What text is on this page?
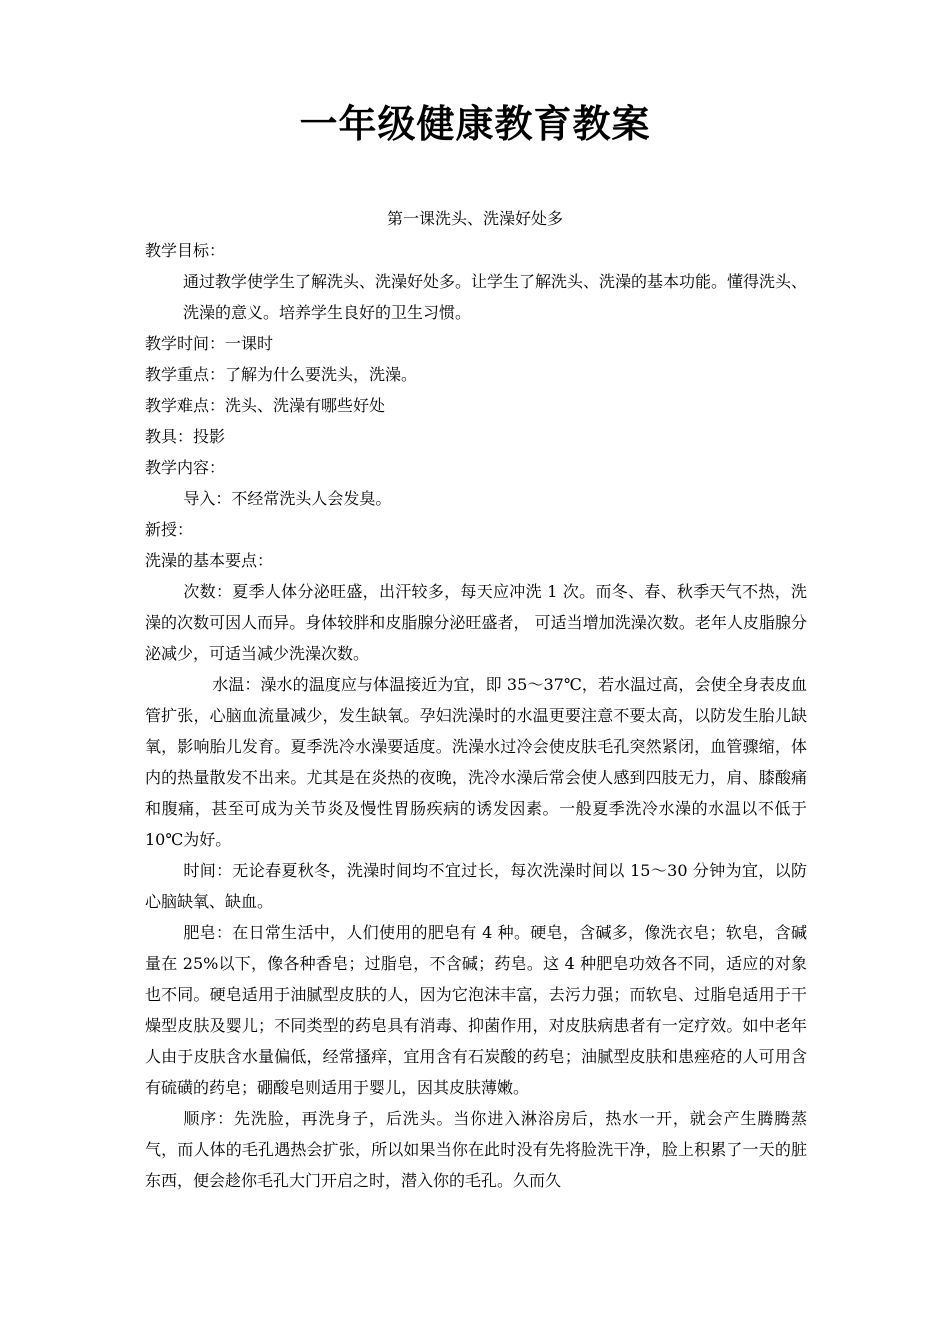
一年级健康教育教案

第一课洗头、洗澡好处多

教学目标：

通过教学使学生了解洗头、洗澡好处多。让学生了解洗头、洗澡的基本功能。懂得洗头、洗澡的意义。培养学生良好的卫生习惯。

教学时间：一课时

教学重点：了解为什么要洗头，洗澡。

教学难点：洗头、洗澡有哪些好处

教具：投影

教学内容：

导入：不经常洗头人会发臭。

新授：

洗澡的基本要点：

次数：夏季人体分泌旺盛，出汗较多，每天应冲洗 1 次。而冬、春、秋季天气不热，洗澡的次数可因人而异。身体较胖和皮脂腺分泌旺盛者， 可适当增加洗澡次数。老年人皮脂腺分泌减少，可适当减少洗澡次数。

水温：澡水的温度应与体温接近为宜，即 35～37℃，若水温过高，会使全身表皮血管扩张，心脑血流量减少，发生缺氧。孕妇洗澡时的水温更要注意不要太高，以防发生胎儿缺氧，影响胎儿发育。夏季洗冷水澡要适度。洗澡水过冷会使皮肤毛孔突然紧闭，血管骤缩，体内的热量散发不出来。尤其是在炎热的夜晚，洗冷水澡后常会使人感到四肢无力，肩、膝酸痛和腹痛，甚至可成为关节炎及慢性胃肠疾病的诱发因素。一般夏季洗冷水澡的水温以不低于 10℃为好。

时间：无论春夏秋冬，洗澡时间均不宜过长，每次洗澡时间以 15～30 分钟为宜，以防心脑缺氧、缺血。

肥皂：在日常生活中，人们使用的肥皂有 4 种。硬皂，含碱多，像洗衣皂；软皂，含碱量在 25%以下，像各种香皂；过脂皂，不含碱；药皂。这 4 种肥皂功效各不同，适应的对象也不同。硬皂适用于油腻型皮肤的人，因为它泡沫丰富，去污力强；而软皂、过脂皂适用于干燥型皮肤及婴儿；不同类型的药皂具有消毒、抑菌作用，对皮肤病患者有一定疗效。如中老年人由于皮肤含水量偏低，经常搔痒，宜用含有石炭酸的药皂；油腻型皮肤和患痤疮的人可用含有硫磺的药皂；硼酸皂则适用于婴儿，因其皮肤薄嫩。

顺序：先洗脸，再洗身子，后洗头。当你进入淋浴房后，热水一开，就会产生腾腾蒸气，而人体的毛孔遇热会扩张，所以如果当你在此时没有先将脸洗干净，脸上积累了一天的脏东西，便会趁你毛孔大门开启之时，潜入你的毛孔。久而久
